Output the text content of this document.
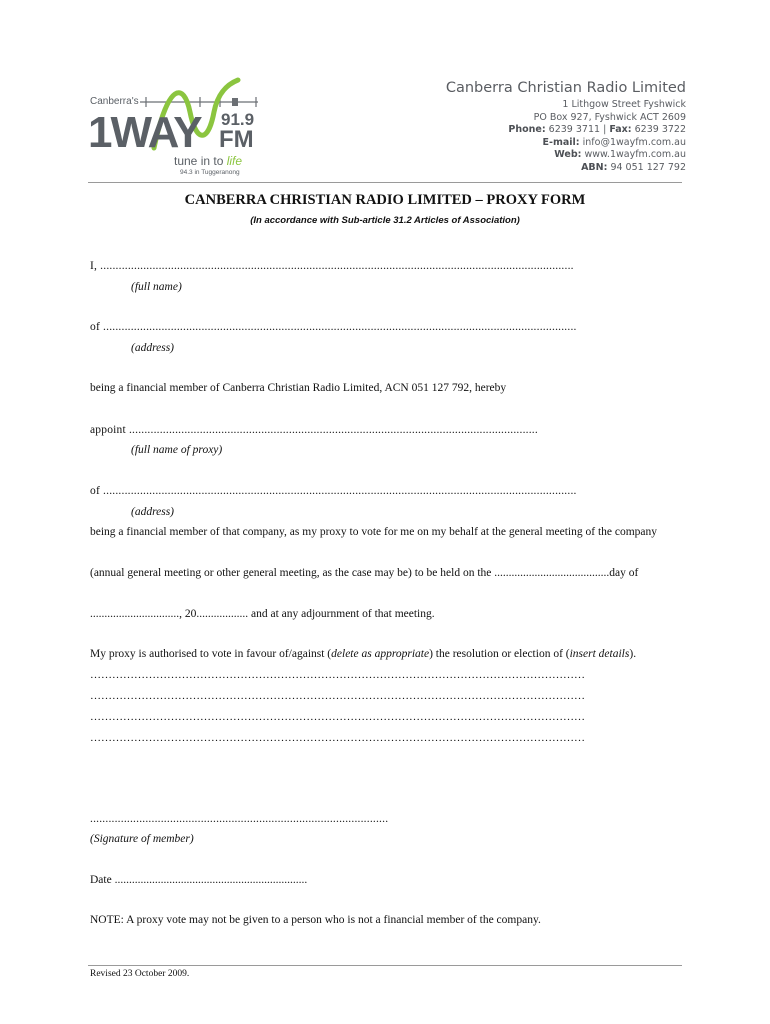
Canberra's
1WAY 91.9
FM
tune in to life
94.3 in Tuggeranong
Canberra Christian Radio Limited
1 Lithgow Street Fyshwick
PO Box 927, Fyshwick ACT 2609
Phone: 6239 3711 | Fax: 6239 3722
E-mail: info@1wayfm.com.au
Web: www.1wayfm.com.au
ABN: 94 051 127 792
CANBERRA CHRISTIAN RADIO LIMITED – PROXY FORM
(In accordance with Sub-article 31.2 Articles of Association)
I, ..........................................................................................................................................................
(full name)
of ..........................................................................................................................................................
(address)
being a financial member of Canberra Christian Radio Limited, ACN 051 127 792, hereby
appoint .....................................................................................................................................
(full name of proxy)
of ..........................................................................................................................................................
(address)
being a financial member of that company, as my proxy to vote for me on my behalf at the general meeting of the company
(annual general meeting or other general meeting, as the case may be) to be held on the ........................................day of
..............................., 20.................. and at any adjournment of that meeting.
My proxy is authorised to vote in favour of/against (delete as appropriate) the resolution or election of (insert details).
………………………………………………………………………………………………………………………
………………………………………………………………………………………………………………………
………………………………………………………………………………………………………………………
………………………………………………………………………………………………………………………
.................................................................................................
(Signature of member)
Date ...................................................................
NOTE: A proxy vote may not be given to a person who is not a financial member of the company.
Revised 23 October 2009.
